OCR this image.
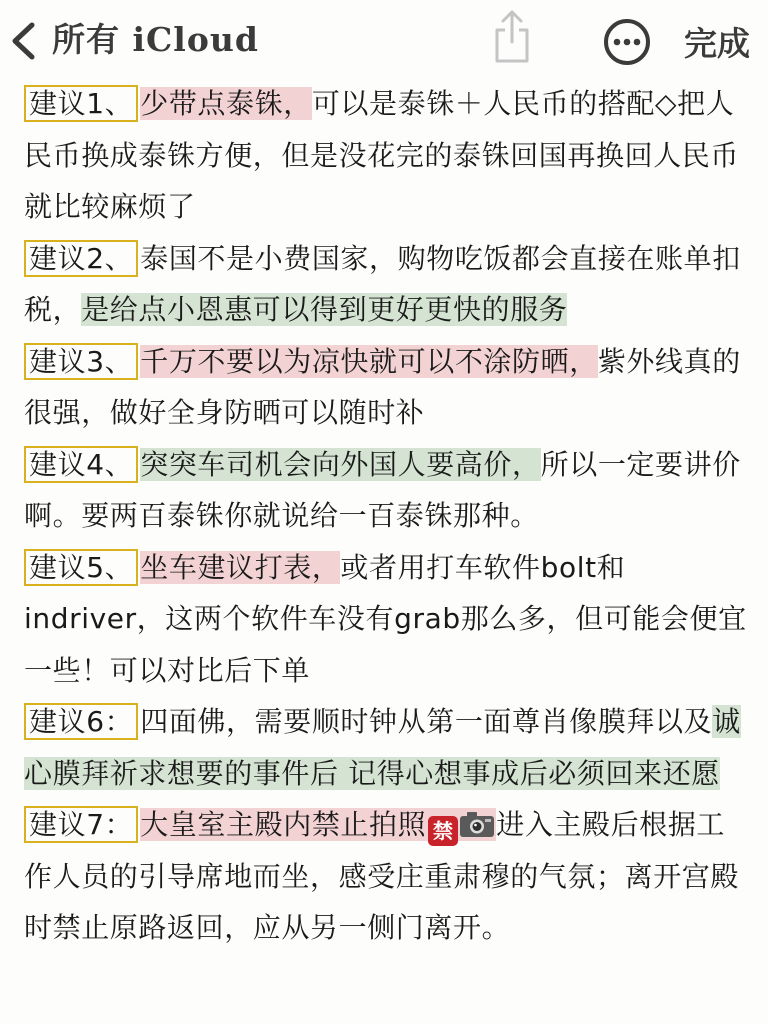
所有 iCloud	完成

建议1、 少带点泰铢，可以是泰铢＋人民币的搭配◇把人民币换成泰铢方便，但是没花完的泰铢回国再换回人民币就比较麻烦了

建议2、 泰国不是小费国家，购物吃饭都会直接在账单扣税，是给点小恩惠可以得到更好更快的服务

建议3、 千万不要以为凉快就可以不涂防晒，紫外线真的很强，做好全身防晒可以随时补

建议4、 突突车司机会向外国人要高价，所以一定要讲价啊。要两百泰铢你就说给一百泰铢那种。

建议5、 坐车建议打表，或者用打车软件bolt和indriver，这两个软件车没有grab那么多，但可能会便宜一些！可以对比后下单

建议6： 四面佛，需要顺时钟从第一面尊肖像膜拜以及诚心膜拜祈求想要的事件后 记得心想事成后必须回来还愿

建议7： 大皇室主殿内禁止拍照 禁 进入主殿后根据工作人员的引导席地而坐，感受庄重肃穆的气氛；离开宫殿时禁止原路返回，应从另一侧门离开。
